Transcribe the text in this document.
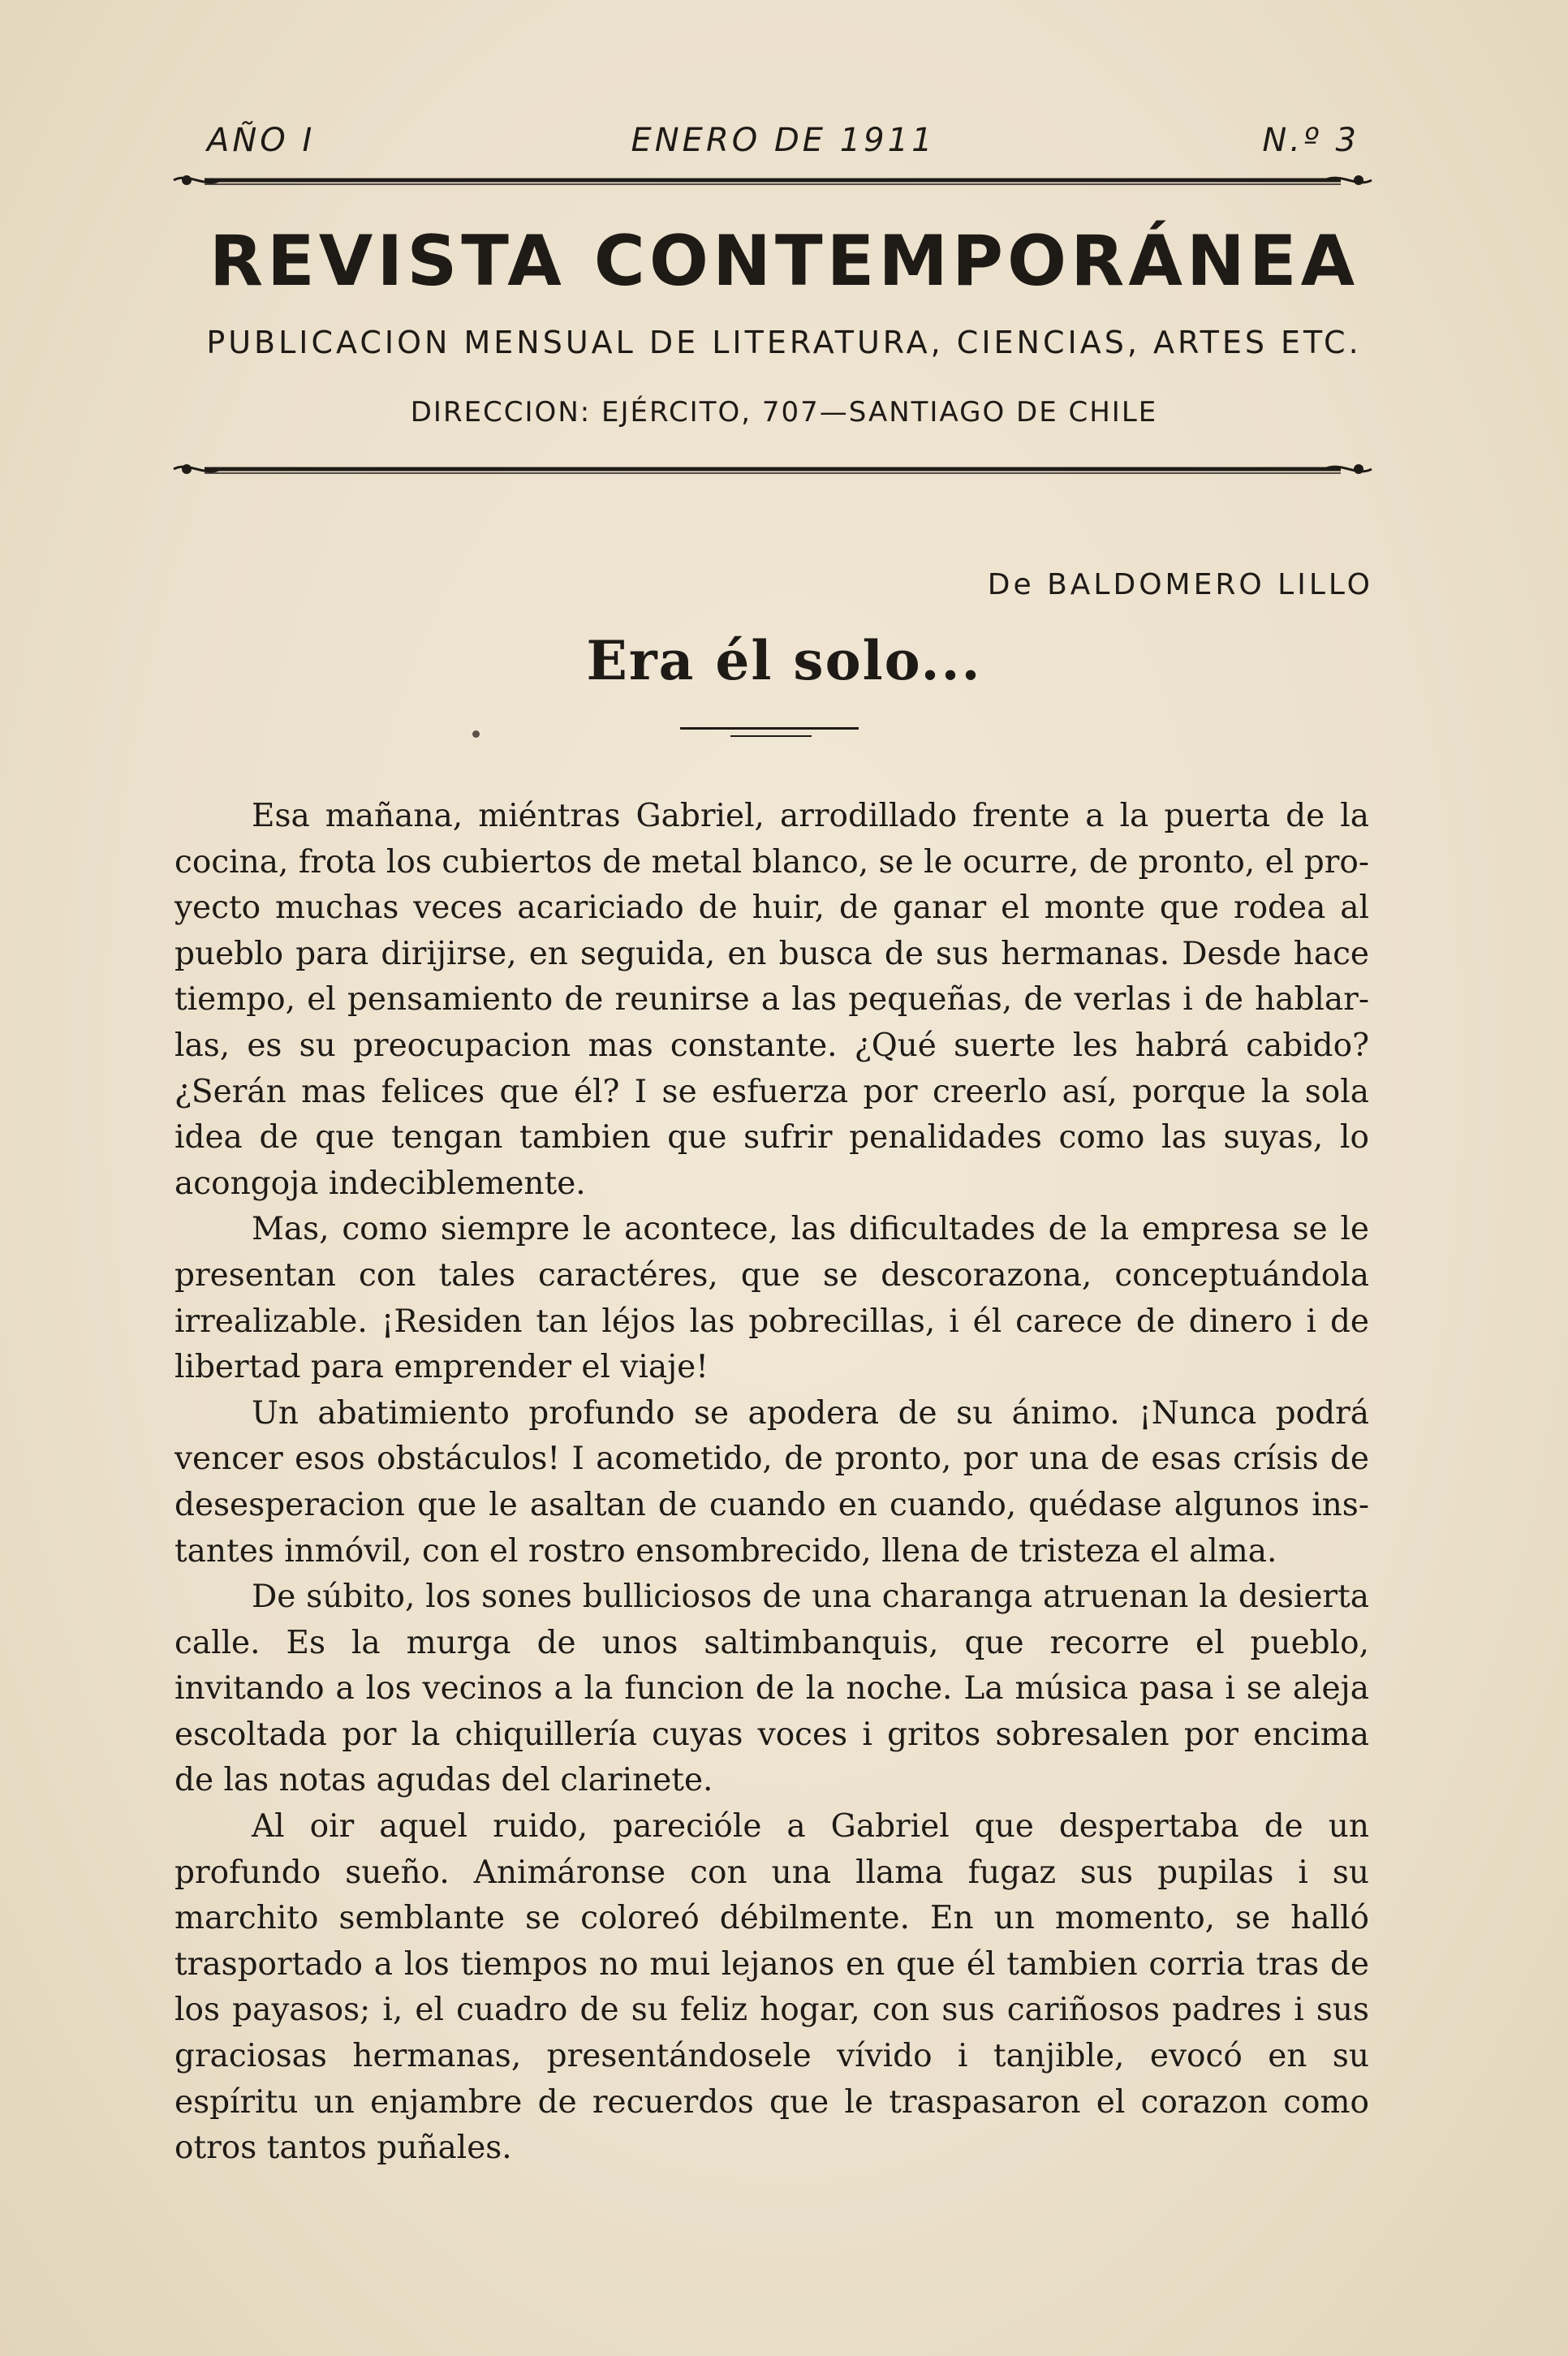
AÑO I	ENERO DE 1911	N.º 3
REVISTA CONTEMPORÁNEA
PUBLICACION MENSUAL DE LITERATURA, CIENCIAS, ARTES ETC.
DIRECCION: EJÉRCITO, 707—SANTIAGO DE CHILE
De BALDOMERO LILLO
Era él solo...

Esa mañana, miéntras Gabriel, arrodillado frente a la puerta de la cocina, frota los cubiertos de metal blanco, se le ocurre, de pronto, el proyecto muchas veces acariciado de huir, de ganar el monte que rodea al pueblo para dirijirse, en seguida, en busca de sus hermanas. Desde hace tiempo, el pensamiento de reunirse a las pequeñas, de verlas i de hablarlas, es su preocupacion mas constante. ¿Qué suerte les habrá cabido? ¿Serán mas felices que él? I se esfuerza por creerlo así, porque la sola idea de que tengan tambien que sufrir penalidades como las suyas, lo acongoja indeciblemente.

Mas, como siempre le acontece, las dificultades de la empresa se le presentan con tales caractéres, que se descorazona, conceptuándola irrealizable. ¡Residen tan léjos las pobrecillas, i él carece de dinero i de libertad para emprender el viaje!

Un abatimiento profundo se apodera de su ánimo. ¡Nunca podrá vencer esos obstáculos! I acometido, de pronto, por una de esas crísis de desesperacion que le asaltan de cuando en cuando, quédase algunos instantes inmóvil, con el rostro ensombrecido, llena de tristeza el alma.

De súbito, los sones bulliciosos de una charanga atruenan la desierta calle. Es la murga de unos saltimbanquis, que recorre el pueblo, invitando a los vecinos a la funcion de la noche. La música pasa i se aleja escoltada por la chiquillería cuyas voces i gritos sobresalen por encima de las notas agudas del clarinete.

Al oir aquel ruido, parecióle a Gabriel que despertaba de un profundo sueño. Animáronse con una llama fugaz sus pupilas i su marchito semblante se coloreó débilmente. En un momento, se halló trasportado a los tiempos no mui lejanos en que él tambien corria tras de los payasos; i, el cuadro de su feliz hogar, con sus cariñosos padres i sus graciosas hermanas, presentándosele vívido i tanjible, evocó en su espíritu un enjambre de recuerdos que le traspasaron el corazon como otros tantos puñales.
